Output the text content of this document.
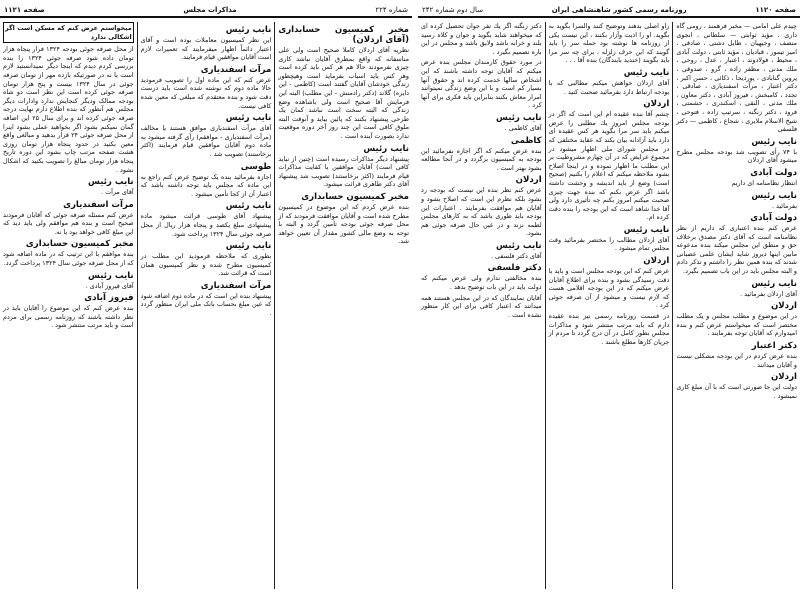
صفحه ۱۱۲۱	مذاکرات مجلس	شماره ۲۲۴
مخبر کمیسیون حسابداری (آقای اردلان)

نظریه آقای اردلان کاملا صحیح است ولی علی مناسفانه که واقع بمطرق آقایان نباشد کاری چیزی نفرمودند حالا هم هر کس باید کرده است وهر کس باید اسباب بفرماید است وهیچطور زندگی خودشان آقایان گفتند است (کاظمی - این دایره) گلاند (دکتر رادمنش - این مطلب) البته این فرمایش آقا صحیح است ولی باشاهده وضع زندگی که البته سخت است نباشد کمان یک طرحی پیشنهاد بکنند که پائین بیاید و آنوقت البته ملوق کافی است این چند روز آخر دوره موقعیت ندارد بصورت آینده است .

نایب رئیس

پیشنهاد دیگر مذاکرات رسیده است (چنین از نباید کافی است) آقایان موافقین با کفایت مذاکرات قیام فرمایند (اکثر برخاستند) تصویب شد پیشنهاد آقای دکتر طاهری قرائت میشود.

مخبر کمیسیون حسابداری

بنده عرض کردم که این موضوع در کمیسیون مطرح شده است و آقایان موافقت فرمودند که از محل صرفه جوئی بودجه تأمین گردد و البته با توجه به وضع مالی کشور مقدار آن تعیین خواهد شد.

نایب رئیس

این نظر کمیسیون معاملات بوده است و آقای اعتبار دائماً اظهار میفرمایند که تعمیرات لازم است آقایان موافقین قیام فرمایند.

مرآت اسفندیاری

عرض کنم که این ماده اول را تصویب فرمودید حالا ماده دوم که نوشته شده است باید درست دقت شود و بنده معتقدم که مبلغی که معین شده کافی نیست.

نایب رئیس

آقای مرآت اسفندیاری موافق هستند یا مخالف (مرآت اسفندیاری - موافقم) رأی گرفته میشود به ماده دوم آقایان موافقین قیام فرمایند (اکثر برخاستند) تصویب شد .

طوسی

اجازه بفرمائید بنده یک توضیح عرض کنم راجع به این ماده که مجلس باید توجه داشته باشد که اعتبار آن از کجا تأمین میشود .

نایب رئیس

پیشنهاد آقای طوسی قرائت میشود ماده پیشنهادی مبلغ یکصد و پنجاه هزار ریال از محل صرفه جوئی سال ۱۳۲۴ پرداخت شود.

نایب رئیس

بطوری که ملاحظه فرمودید این مطلب در کمیسیون مطرح شده و نظر کمیسیون همان است که قرائت شد.

مرآت اسفندیاری

پیشنهاد بنده این است که در ماده دوم اضافه شود که عین مبلغ بحساب بانک ملی ایران منظور گردد .

میخواستم عرض کنم که مسکن است اگر اشکالی ندارد

از محل صرفه جوئی بودجه ۱۳۲۴ فرار پنجاه هزار تومان داده شود صرفه جوئی ۱۳۲۴ را بنده بررسی کردم دیدم که اینجا دیگر نمیدانستید لازم است یا نه در صورتیکه بازده مهر از تومان صرفه جوئی در سال ۱۳۲۴ بیست و پنج هزار تومان صرفه جوئی کرده است این نظر است دو شاه بودجه ممالک ودیگر کنجایش ندارد وادارات دیگر مجلس هم آنطور که بنده اطلاع دارم نهایت درجه صرفه جوئی کرده اند و برای سال ۲۵ این اضافه گمان نمیکنم بشود اگر بخواهید عملی بشود اینرا از محل صرفه جوئی ۲۴ قرار بدهید و مبالغی واقع معین بکنید در حدود پنجاه هزار تومان روزی هشت صفحه مرتب چاپ بشود این دوره تاریخ پنجاه هزار تومان مبالغ را تصویب بکنید که اشکال نشود .

نایب رئیس

آقای مرآت .

مرآت اسفندیاری

عرض کنم مسئله صرفه جوئی که آقایان فرمودند صحیح است و بنده هم موافقم ولی باید دید که این مبلغ کافی خواهد بود یا نه.

مخبر کمیسیون حسابداری

بنده موافقم با این ترتیب که در ماده اضافه شود که از محل صرفه جوئی سال ۱۳۲۴ پرداخت گردد.

نایب رئیس

آقای فیروز آبادی .

فیروز آبادی

بنده عرض کنم که این موضوع را آقایان باید در نظر داشته باشند که روزنامه رسمی برای مردم است و باید مرتب منتشر شود .

سال دوم شماره ۲۴۲	روزنامه رسمی کشور شاهنشاهی ایران	صفحه ۱۱۲۰

چیدم علی امامی — مخبر فرهمند ، رومی گاه داری ، مؤید ثوابتی — سلطانی ، انجوی منصف ، وجیهیان ، طایل دشتی ، صادقی ، امیر تیمور ، قبادیان ، مؤید ثابتی ، دولت آبادی ، محیط ، فولادوند ، اعتبار ، عدل ، روحی ، ملك مدنی ، مظفر زاده ، گرو ، صدوقی ، پروین گنابادی ، پوردیحا ، ذکائی ، حسن اکبر ، دکتر اعتبار ، مرآت اسفندیاری ، صادقی ، تجدد ، کامبخش ، فیروز آبادی ، دکتر معاون ، ملك مدنی ، النقی ، اسکندری ، حشمتی ، فرود ، دکتر زنگنه ، سرتیپ زاده ، فتوحی ، شیخ الاسلام ملایری ، شجاع ، کاظمی — دکتر فلسفی

نایب رئیس

با ۷۴ رأی تصویب شد بودجه مجلس مطرح میشود آقای اردلان

دولت آبادی

انتظار نظامنامه ای داریم

نایب رئیس

بفرمائید .

دولت آبادی

عرض کنم بنده اعتباری که داریم از نظر نظامنامه است که آقای دکتر مصدق برخلاف حق و منطق این مجلس میکند بنده مدعوعه مابین اینها دیروز شاید ایشان علمی عصبانی شدند که بنده همین نظر را داشتم و تذکر دادم و البته مجلس باید در این باب تصمیم بگیرد.

نایب رئیس

آقای اردلان بفرمائید .

اردلان

در این موضوع و مطلب مجلس و یک مطلب مختصر است که میخواستم عرض کنم و بنده امیدوارم که آقایان توجه بفرمایند .

دکتر اعتبار

بنده عرض کردم در این بودجه مشکلی نیست و آقایان میدانند .

اردلان

دولت این جا صورتی است که با آن مبلغ کاری نمیشود .

راو اصلی بدهند وتوضیح کنند والسرا بگوید به بگوید. او را اذیت وآزار بکنند ، این نیست یکی از روزنامه ها نوشته بود حمله سر را باید گویند که این حرف زلزله ، برای چه سر مرا باید بگویند (خندید بایندگان) بنده آقا . . .

نایب رئیس

آقای اردلان خواهش میکنم مطالبی که با بودجه ارتباط دارد بفرمائید صحبت کنید .

اردلان

چشم آقا بنده عقیده ام این است که اگر در بودجه مجلس امروز یك مطلبی را عرض میکنم باید سر مرا بگوید هر کس عقیده ای دارد باید آزادانه بیان بکند که عقاید مختلفی که در مجلس شورای ملی اظهار میشود در مجموع عرایض که در آن چهارم مشروطیت بر این مطلب ما اظهار نموده و در اینجا اصلاح بشود ملاحظه میکنم که اعلام را بکنیم (صحیح است) وضع از باید اندیشه و وحشت داشته باشد اگر عرض بکنم که بنده جهت چیزی صحبت میکنم امروز بکنم چه تأثیری دارد ولی آقا خدا شاهد است که این بودجه را بنده دقت کرده ام.

نایب رئیس

آقای اردلان مطالب را مختصر بفرمائید وقت مجلس تمام میشود .

اردلان

عرض کنم که این بودجه مجلس است و باید با دقت رسیدگی بشود و بنده برای اطلاع آقایان عرض میکنم که در این بودجه اقلامی هست که لازم نیست و میشود از آن صرفه جوئی کرد .

در قسمت روزنامه رسمی نیز بنده عقیده دارم که باید مرتب منتشر شود و مذاکرات مجلس بطور کامل در آن درج گردد تا مردم از جریان کارها مطلع باشند .

دکتر زنگنه اگر یك نفر جوان تحصیل کرده ای که میخواهند شاید بگوید و جوان و کلاه رسید بلند و خرابه باشد ولایق باشد و مجلس در این باره تصمیم بگیرد .

در مورد حقوق کارمندان مجلس بنده عرض میکنم که آقایان توجه داشته باشند که این اشخاص سالها خدمت کرده اند و حقوق آنها بسیار کم است و با این وضع زندگی نمیتوانند امرار معاش بکنند بنابراین باید فکری برای آنها کرد .

نایب رئیس

آقای کاظمی .

کاظمی

بنده عرض میکنم که اگر اجازه بفرمائید این بودجه به کمیسیون برگردد و در آنجا مطالعه بشود بهتر است .

اردلان

عرض کنم نظر بنده این نیست که بودجه رد بشود بلکه نظرم این است که اصلاح بشود و آقایان هم موافقت بفرمایند . اعتبارات این بودجه باید طوری باشد که به کارهای مجلس لطمه نزند و در عین حال صرفه جوئی هم بشود.

نایب رئیس

آقای دکتر فلسفی .

دکتر فلسفی

بنده مخالفتی ندارم ولی عرض میکنم که دولت باید در این باب توضیح بدهد .

آقایان نمایندگان که در این مجلس هستند همه میدانند که اعتبار کافی برای این کار منظور نشده است .
